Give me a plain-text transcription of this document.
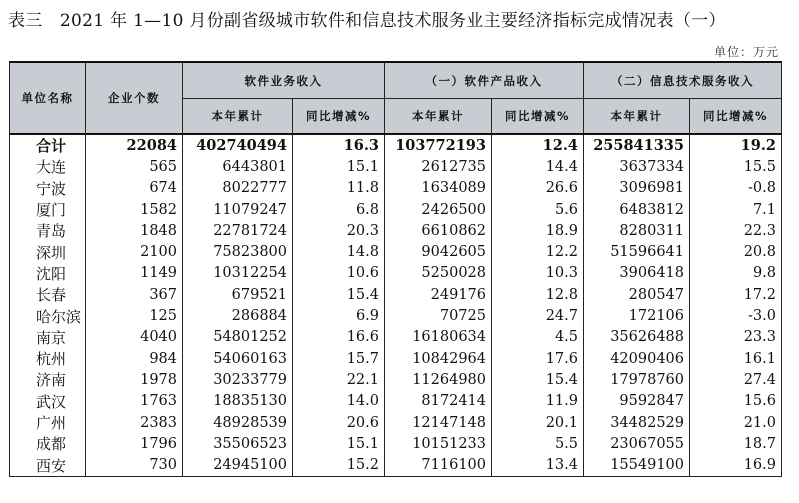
表三　2021 年 1—10 月份副省级城市软件和信息技术服务业主要经济指标完成情况表（一）
单位：万元
单位名称	企业个数	软件业务收入		（一）软件产品收入		（二）信息技术服务收入	
		本年累计	同比增减%	本年累计	同比增减%	本年累计	同比增减%
合计	22084	402740494	16.3	103772193	12.4	255841335	19.2
大连	565	6443801	15.1	2612735	14.4	3637334	15.5
宁波	674	8022777	11.8	1634089	26.6	3096981	-0.8
厦门	1582	11079247	6.8	2426500	5.6	6483812	7.1
青岛	1848	22781724	20.3	6610862	18.9	8280311	22.3
深圳	2100	75823800	14.8	9042605	12.2	51596641	20.8
沈阳	1149	10312254	10.6	5250028	10.3	3906418	9.8
长春	367	679521	15.4	249176	12.8	280547	17.2
哈尔滨	125	286884	6.9	70725	24.7	172106	-3.0
南京	4040	54801252	16.6	16180634	4.5	35626488	23.3
杭州	984	54060163	15.7	10842964	17.6	42090406	16.1
济南	1978	30233779	22.1	11264980	15.4	17978760	27.4
武汉	1763	18835130	14.0	8172414	11.9	9592847	15.6
广州	2383	48928539	20.6	12147148	20.1	34482529	21.0
成都	1796	35506523	15.1	10151233	5.5	23067055	18.7
西安	730	24945100	15.2	7116100	13.4	15549100	16.9
